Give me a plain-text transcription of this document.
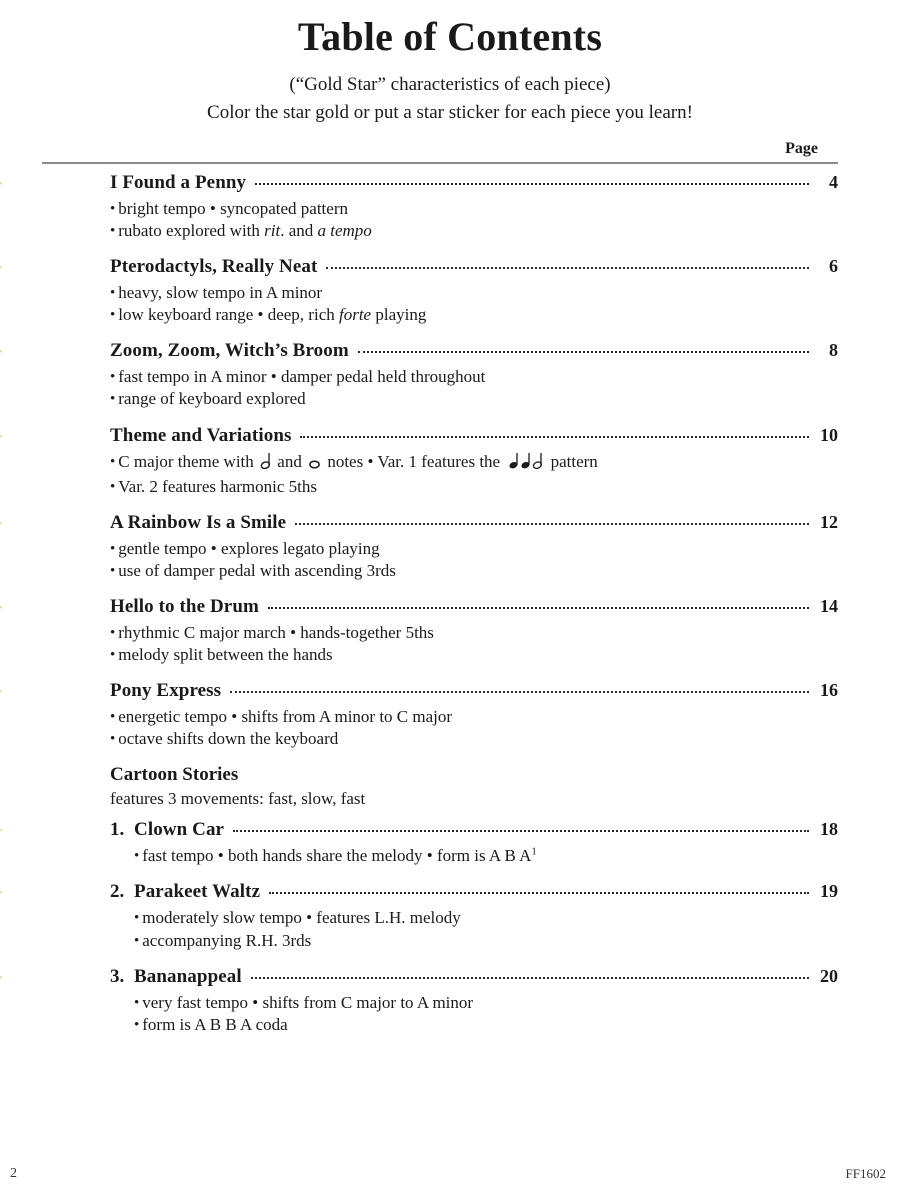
Table of Contents
(“Gold Star” characteristics of each piece)
Color the star gold or put a star sticker for each piece you learn!
Page
I Found a Penny	4
• bright tempo • syncopated pattern
• rubato explored with rit. and a tempo
Pterodactyls, Really Neat	6
• heavy, slow tempo in A minor
• low keyboard range • deep, rich forte playing
Zoom, Zoom, Witch’s Broom	8
• fast tempo in A minor • damper pedal held throughout
• range of keyboard explored
Theme and Variations	10
• C major theme with  and  notes • Var. 1 features the  pattern
• Var. 2 features harmonic 5ths
A Rainbow Is a Smile	12
• gentle tempo • explores legato playing
• use of damper pedal with ascending 3rds
Hello to the Drum	14
• rhythmic C major march • hands-together 5ths
• melody split between the hands
Pony Express	16
• energetic tempo • shifts from A minor to C major
• octave shifts down the keyboard
Cartoon Stories
features 3 movements: fast, slow, fast
1. Clown Car	18
• fast tempo • both hands share the melody • form is A B $A^1$
2. Parakeet Waltz	19
• moderately slow tempo • features L.H. melody
• accompanying R.H. 3rds
3. Bananappeal	20
• very fast tempo • shifts from C major to A minor
• form is A B B A coda
2	FF1602
